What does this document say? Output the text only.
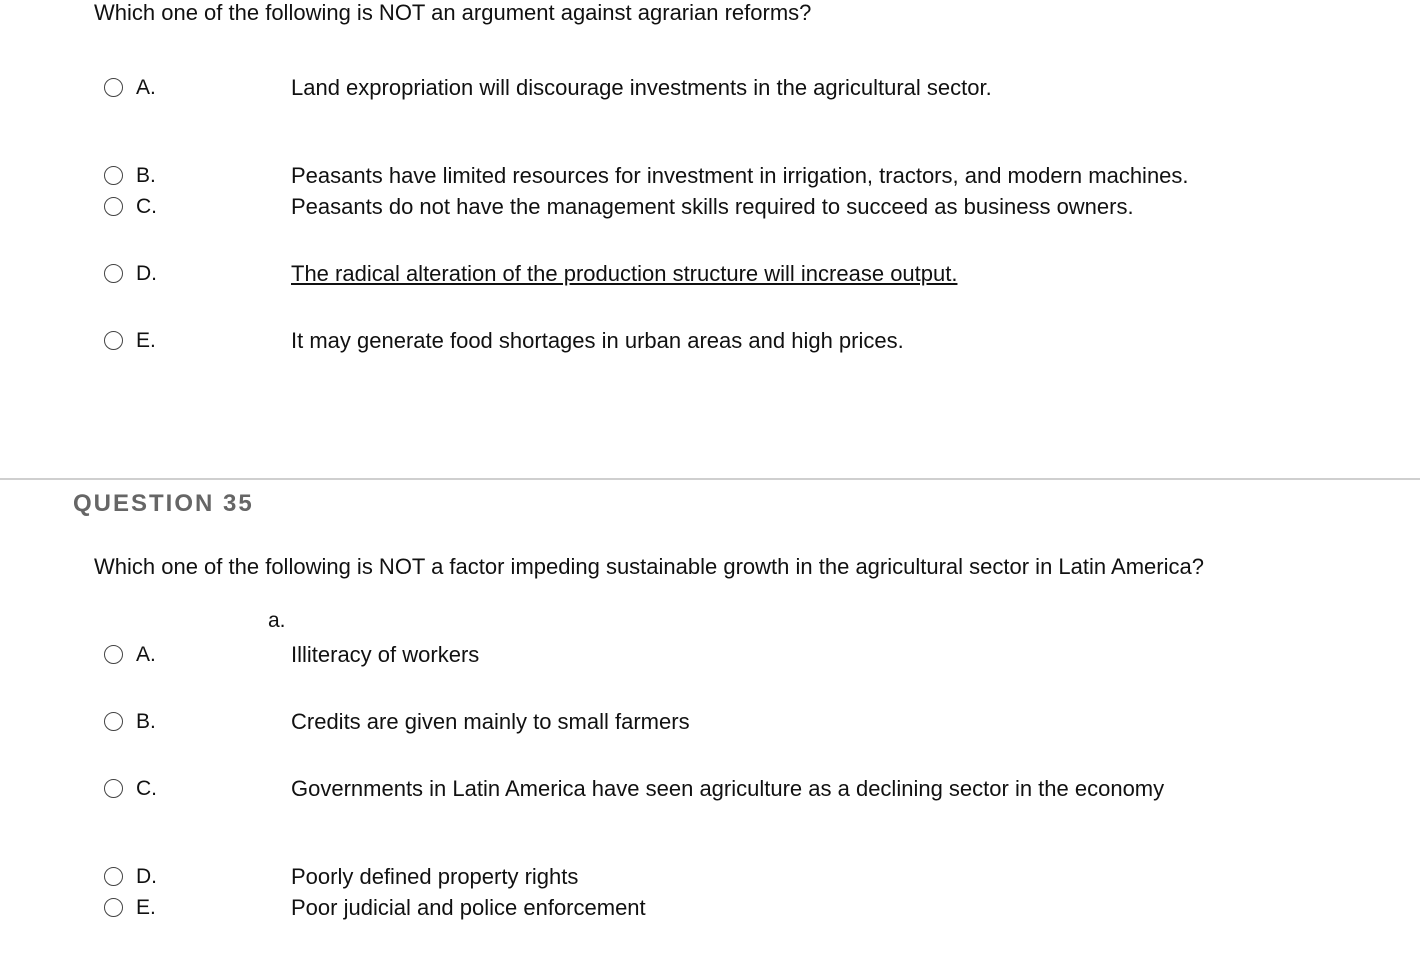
Which one of the following is NOT an argument against agrarian reforms?
A.	Land expropriation will discourage investments in the agricultural sector.
B.	Peasants have limited resources for investment in irrigation, tractors, and modern machines.
C.	Peasants do not have the management skills required to succeed as business owners.
D.	The radical alteration of the production structure will increase output.
E.	It may generate food shortages in urban areas and high prices.
QUESTION 35
Which one of the following is NOT a factor impeding sustainable growth in the agricultural sector in Latin America?
a.
A.	Illiteracy of workers
B.	Credits are given mainly to small farmers
C.	Governments in Latin America have seen agriculture as a declining sector in the economy
D.	Poorly defined property rights
E.	Poor judicial and police enforcement
